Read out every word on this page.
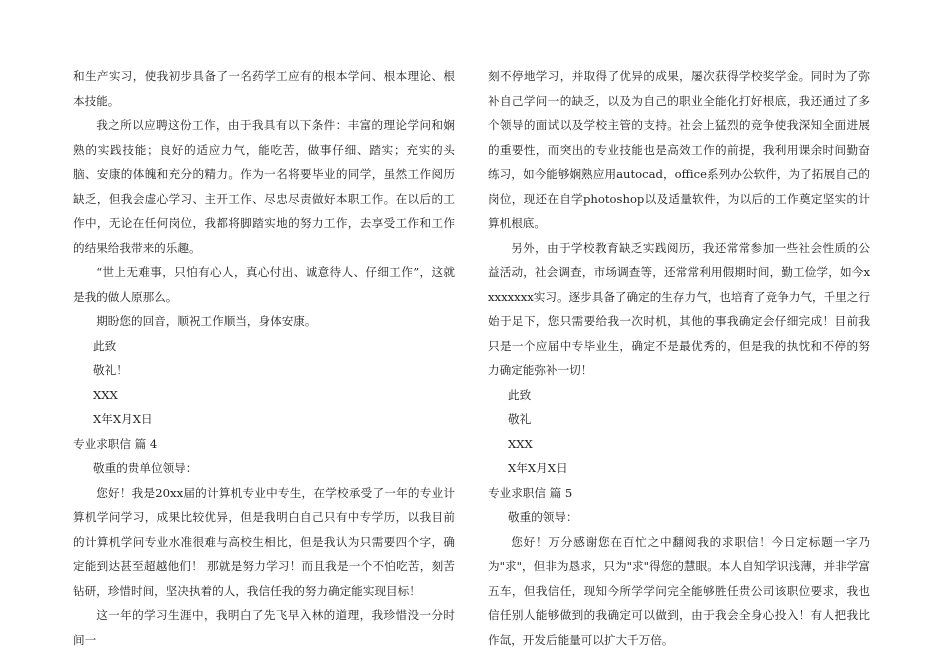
和生产实习，使我初步具备了一名药学工应有的根本学问、根本理论、根本技能。

我之所以应聘这份工作，由于我具有以下条件：丰富的理论学问和娴熟的实践技能；良好的适应力气，能吃苦，做事仔细、踏实；充实的头脑、安康的体魄和充分的精力。作为一名将要毕业的同学，虽然工作阅历缺乏，但我会虚心学习、主开工作、尽忠尽责做好本职工作。在以后的工作中，无论在任何岗位，我都将脚踏实地的努力工作，去享受工作和工作的结果给我带来的乐趣。

“世上无难事，只怕有心人，真心付出、诚意待人、仔细工作”，这就是我的做人原那么。

期盼您的回音，顺祝工作顺当，身体安康。

此致

敬礼！

XXX

X年X月X日

专业求职信 篇 4

敬重的贵单位领导：

您好！我是20xx届的计算机专业中专生，在学校承受了一年的专业计算机学问学习，成果比较优异，但是我明白自己只有中专学历，以我目前的计算机学问专业水准很难与高校生相比，但是我认为只需要四个字，确定能到达甚至超越他们！ 那就是努力学习！而且我是一个不怕吃苦，刻苦钻研，珍惜时间，坚决执着的人，我信任我的努力确定能实现目标！

这一年的学习生涯中，我明白了先飞早入林的道理，我珍惜没一分时间一

刻不停地学习，并取得了优异的成果，屡次获得学校奖学金。同时为了弥补自己学问一的缺乏，以及为自己的职业全能化打好根底，我还通过了多个领导的面试以及学校主管的支持。社会上猛烈的竞争使我深知全面进展的重要性，而突出的专业技能也是高效工作的前提，我利用课余时间勤奋练习，如今能够娴熟应用autocad，office系列办公软件，为了拓展自己的岗位，现还在自学photoshop以及适量软件，为以后的工作奠定坚实的计算机根底。

另外，由于学校教育缺乏实践阅历，我还常常参加一些社会性质的公益活动，社会调查，市场调查等，还常常利用假期时间，勤工俭学，如今xxxxxxxx实习。逐步具备了确定的生存力气，也培育了竞争力气，千里之行始于足下，您只需要给我一次时机，其他的事我确定会仔细完成！目前我只是一个应届中专毕业生，确定不是最优秀的，但是我的执忱和不停的努力确定能弥补一切！

此致

敬礼

XXX

X年X月X日

专业求职信 篇 5

敬重的领导：

您好！万分感谢您在百忙之中翻阅我的求职信！今日定标题一字乃为"求"，但非为恳求，只为"求"得您的慧眼。本人自知学识浅薄，并非学富五车，但我信任，现知今所学学问完全能够胜任贵公司该职位要求，我也信任别人能够做到的我确定可以做到，由于我会全身心投入！有人把我比作氙，开发后能量可以扩大千万倍。
